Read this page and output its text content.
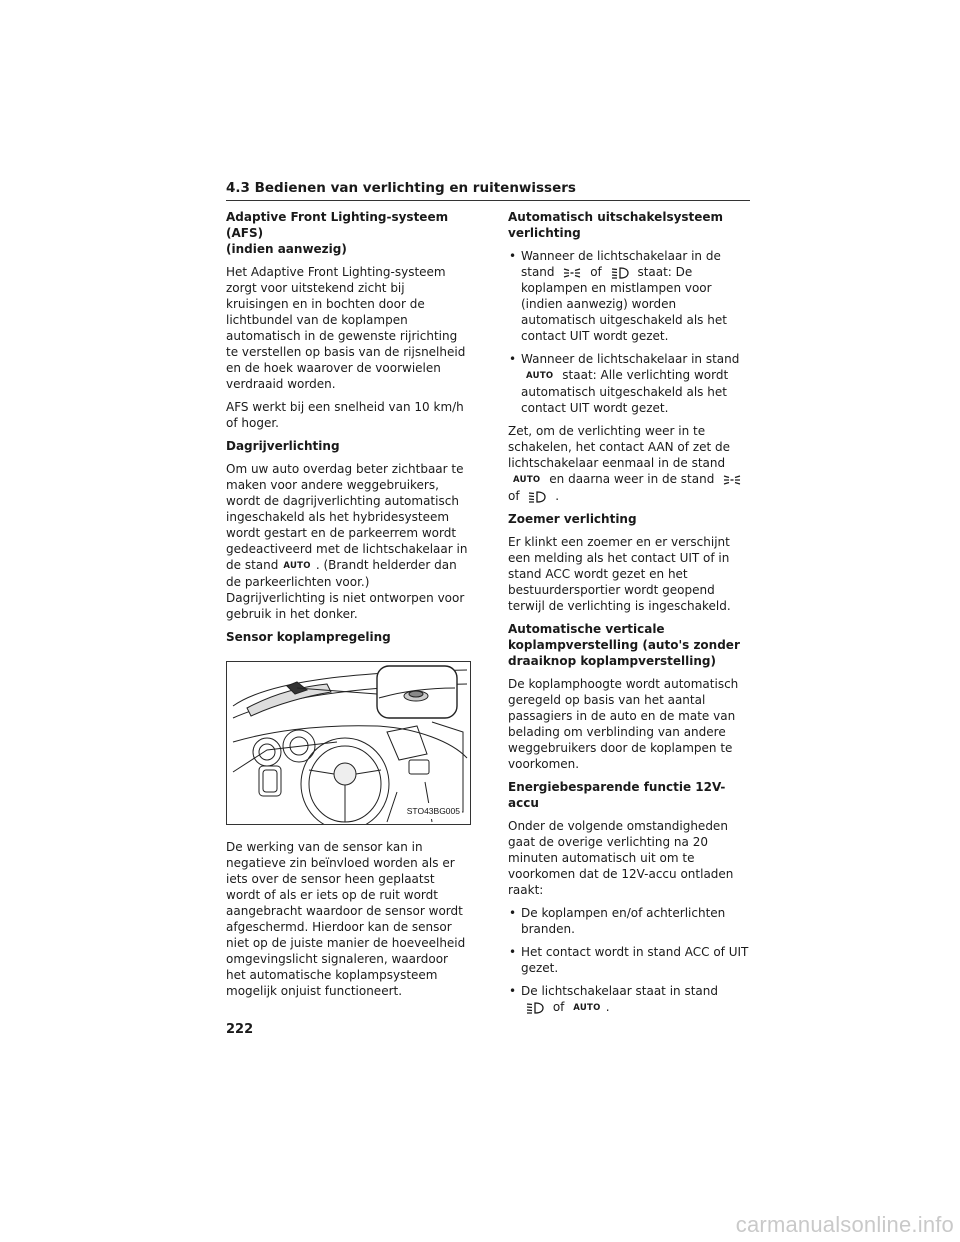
4.3 Bedienen van verlichting en ruitenwissers
Adaptive Front Lighting-systeem (AFS)
(indien aanwezig)

Het Adaptive Front Lighting-systeem zorgt voor uitstekend zicht bij kruisingen en in bochten door de lichtbundel van de koplampen automatisch in de gewenste rijrichting te verstellen op basis van de rijsnelheid en de hoek waarover de voorwielen verdraaid worden.

AFS werkt bij een snelheid van 10 km/h of hoger.

Dagrijverlichting

Om uw auto overdag beter zichtbaar te maken voor andere weggebruikers, wordt de dagrijverlichting automatisch ingeschakeld als het hybridesysteem wordt gestart en de parkeerrem wordt gedeactiveerd met de lichtschakelaar in de stand AUTO . (Brandt helderder dan de parkeerlichten voor.) Dagrijverlichting is niet ontworpen voor gebruik in het donker.

Sensor koplampregeling
STO43BG005

De werking van de sensor kan in negatieve zin beïnvloed worden als er iets over de sensor heen geplaatst wordt of als er iets op de ruit wordt aangebracht waardoor de sensor wordt afgeschermd. Hierdoor kan de sensor niet op de juiste manier de hoeveelheid omgevingslicht signaleren, waardoor het automatische koplampsysteem mogelijk onjuist functioneert.

Automatisch uitschakelsysteem
verlichting
• Wanneer de lichtschakelaar in de stand	of	staat: De koplampen en mistlampen voor (indien aanwezig) worden automatisch uitgeschakeld als het contact UIT wordt gezet.
• Wanneer de lichtschakelaar in stand AUTO staat: Alle verlichting wordt automatisch uitgeschakeld als het contact UIT wordt gezet.

Zet, om de verlichting weer in te schakelen, het contact AAN of zet de lichtschakelaar eenmaal in de stand AUTO en daarna weer in de stand  of	.

Zoemer verlichting

Er klinkt een zoemer en er verschijnt een melding als het contact UIT of in stand ACC wordt gezet en het bestuurdersportier wordt geopend terwijl de verlichting is ingeschakeld.

Automatische verticale
koplampverstelling (auto's zonder
draaiknop koplampverstelling)

De koplamphoogte wordt automatisch geregeld op basis van het aantal passagiers in de auto en de mate van belading om verblinding van andere weggebruikers door de koplampen te voorkomen.

Energiebesparende functie 12V-accu

Onder de volgende omstandigheden gaat de overige verlichting na 20 minuten automatisch uit om te voorkomen dat de 12V-accu ontladen raakt:

• De koplampen en/of achterlichten branden.
• Het contact wordt in stand ACC of UIT gezet.
• De lichtschakelaar staat in stand
of AUTO .
222
carmanualsonline.info
